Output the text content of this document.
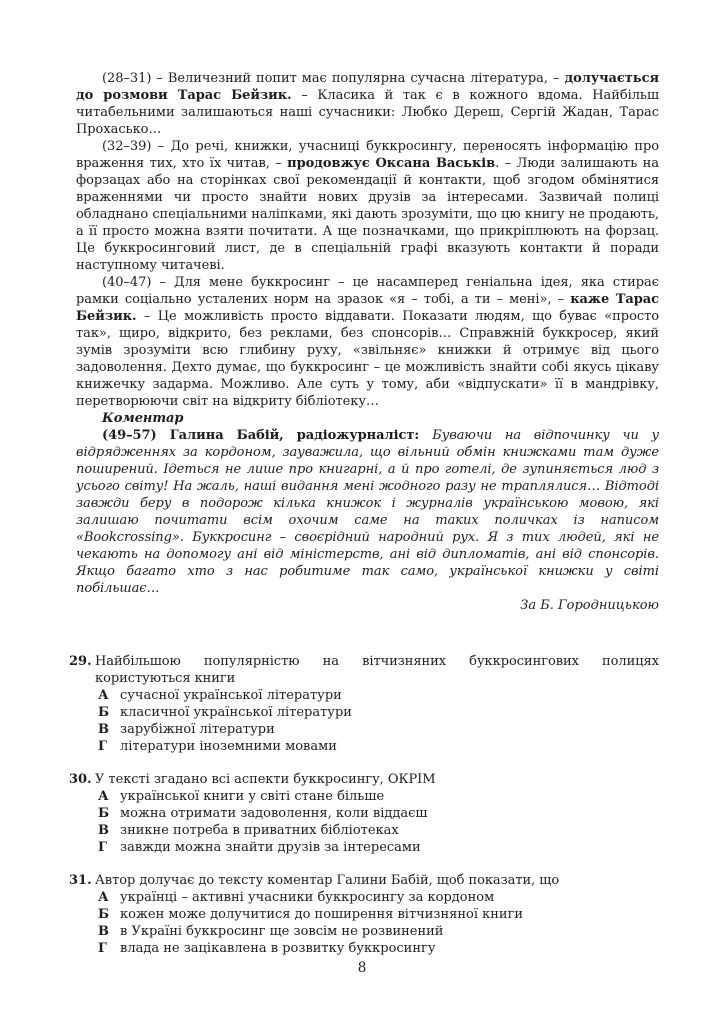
(28–31) – Величезний попит має популярна сучасна література, – долучається до розмови Тарас Бейзик. – Класика й так є в кожного вдома. Найбільш читабельними залишаються наші сучасники: Любко Дереш, Сергій Жадан, Тарас Прохасько…

(32–39) – До речі, книжки, учасниці буккросингу, переносять інформацію про враження тих, хто їх читав, – продовжує Оксана Васьків. – Люди залишають на форзацах або на сторінках свої рекомендації й контакти, щоб згодом обмінятися враженнями чи просто знайти нових друзів за інтересами. Зазвичай полиці обладнано спеціальними наліпками, які дають зрозуміти, що цю книгу не продають, а її просто можна взяти почитати. А ще позначками, що прикріплюють на форзац. Це буккросинговий лист, де в спеціальній графі вказують контакти й поради наступному читачеві.

(40–47) – Для мене буккросинг – це насамперед геніальна ідея, яка стирає рамки соціально усталених норм на зразок «я – тобі, а ти – мені», – каже Тарас Бейзик. – Це можливість просто віддавати. Показати людям, що буває «просто так», щиро, відкрито, без реклами, без спонсорів… Справжній буккросер, який зумів зрозуміти всю глибину руху, «звільняє» книжки й отримує від цього задоволення. Дехто думає, що буккросинг – це можливість знайти собі якусь цікаву книжечку задарма. Можливо. Але суть у тому, аби «відпускати» її в мандрівку, перетворюючи світ на відкриту бібліотеку…

Коментар

(49–57) Галина Бабій, радіожурналіст: Буваючи на відпочинку чи у відрядженнях за кордоном, зауважила, що вільний обмін книжками там дуже поширений. Ідеться не лише про книгарні, а й про готелі, де зупиняється люд з усього світу! На жаль, наші видання мені жодного разу не траплялися… Відтоді завжди беру в подорож кілька книжок і журналів українською мовою, які залишаю почитати всім охочим саме на таких поличках із написом «Bookcrossing». Буккросинг – своєрідний народний рух. Я з тих людей, які не чекають на допомогу ані від міністерств, ані від дипломатів, ані від спонсорів. Якщо багато хто з нас робитиме так само, української книжки у світі побільшає…

За Б. Городницькою

29. Найбільшою популярністю на вітчизняних буккросингових полицях користуються книги

А сучасної української літератури
Б класичної української літератури
В зарубіжної літератури
Г	літератури іноземними мовами
30. У тексті згадано всі аспекти буккросингу, ОКРІМ

А української книги у світі стане більше
Б можна отримати задоволення, коли віддаєш
В зникне потреба в приватних бібліотеках
Г	завжди можна знайти друзів за інтересами
31. Автор долучає до тексту коментар Галини Бабій, щоб показати, що

А українці – активні учасники буккросингу за кордоном
Б кожен може долучитися до поширення вітчизняної книги
В в Україні буккросинг ще зовсім не розвинений
Г	влада не зацікавлена в розвитку буккросингу
8
